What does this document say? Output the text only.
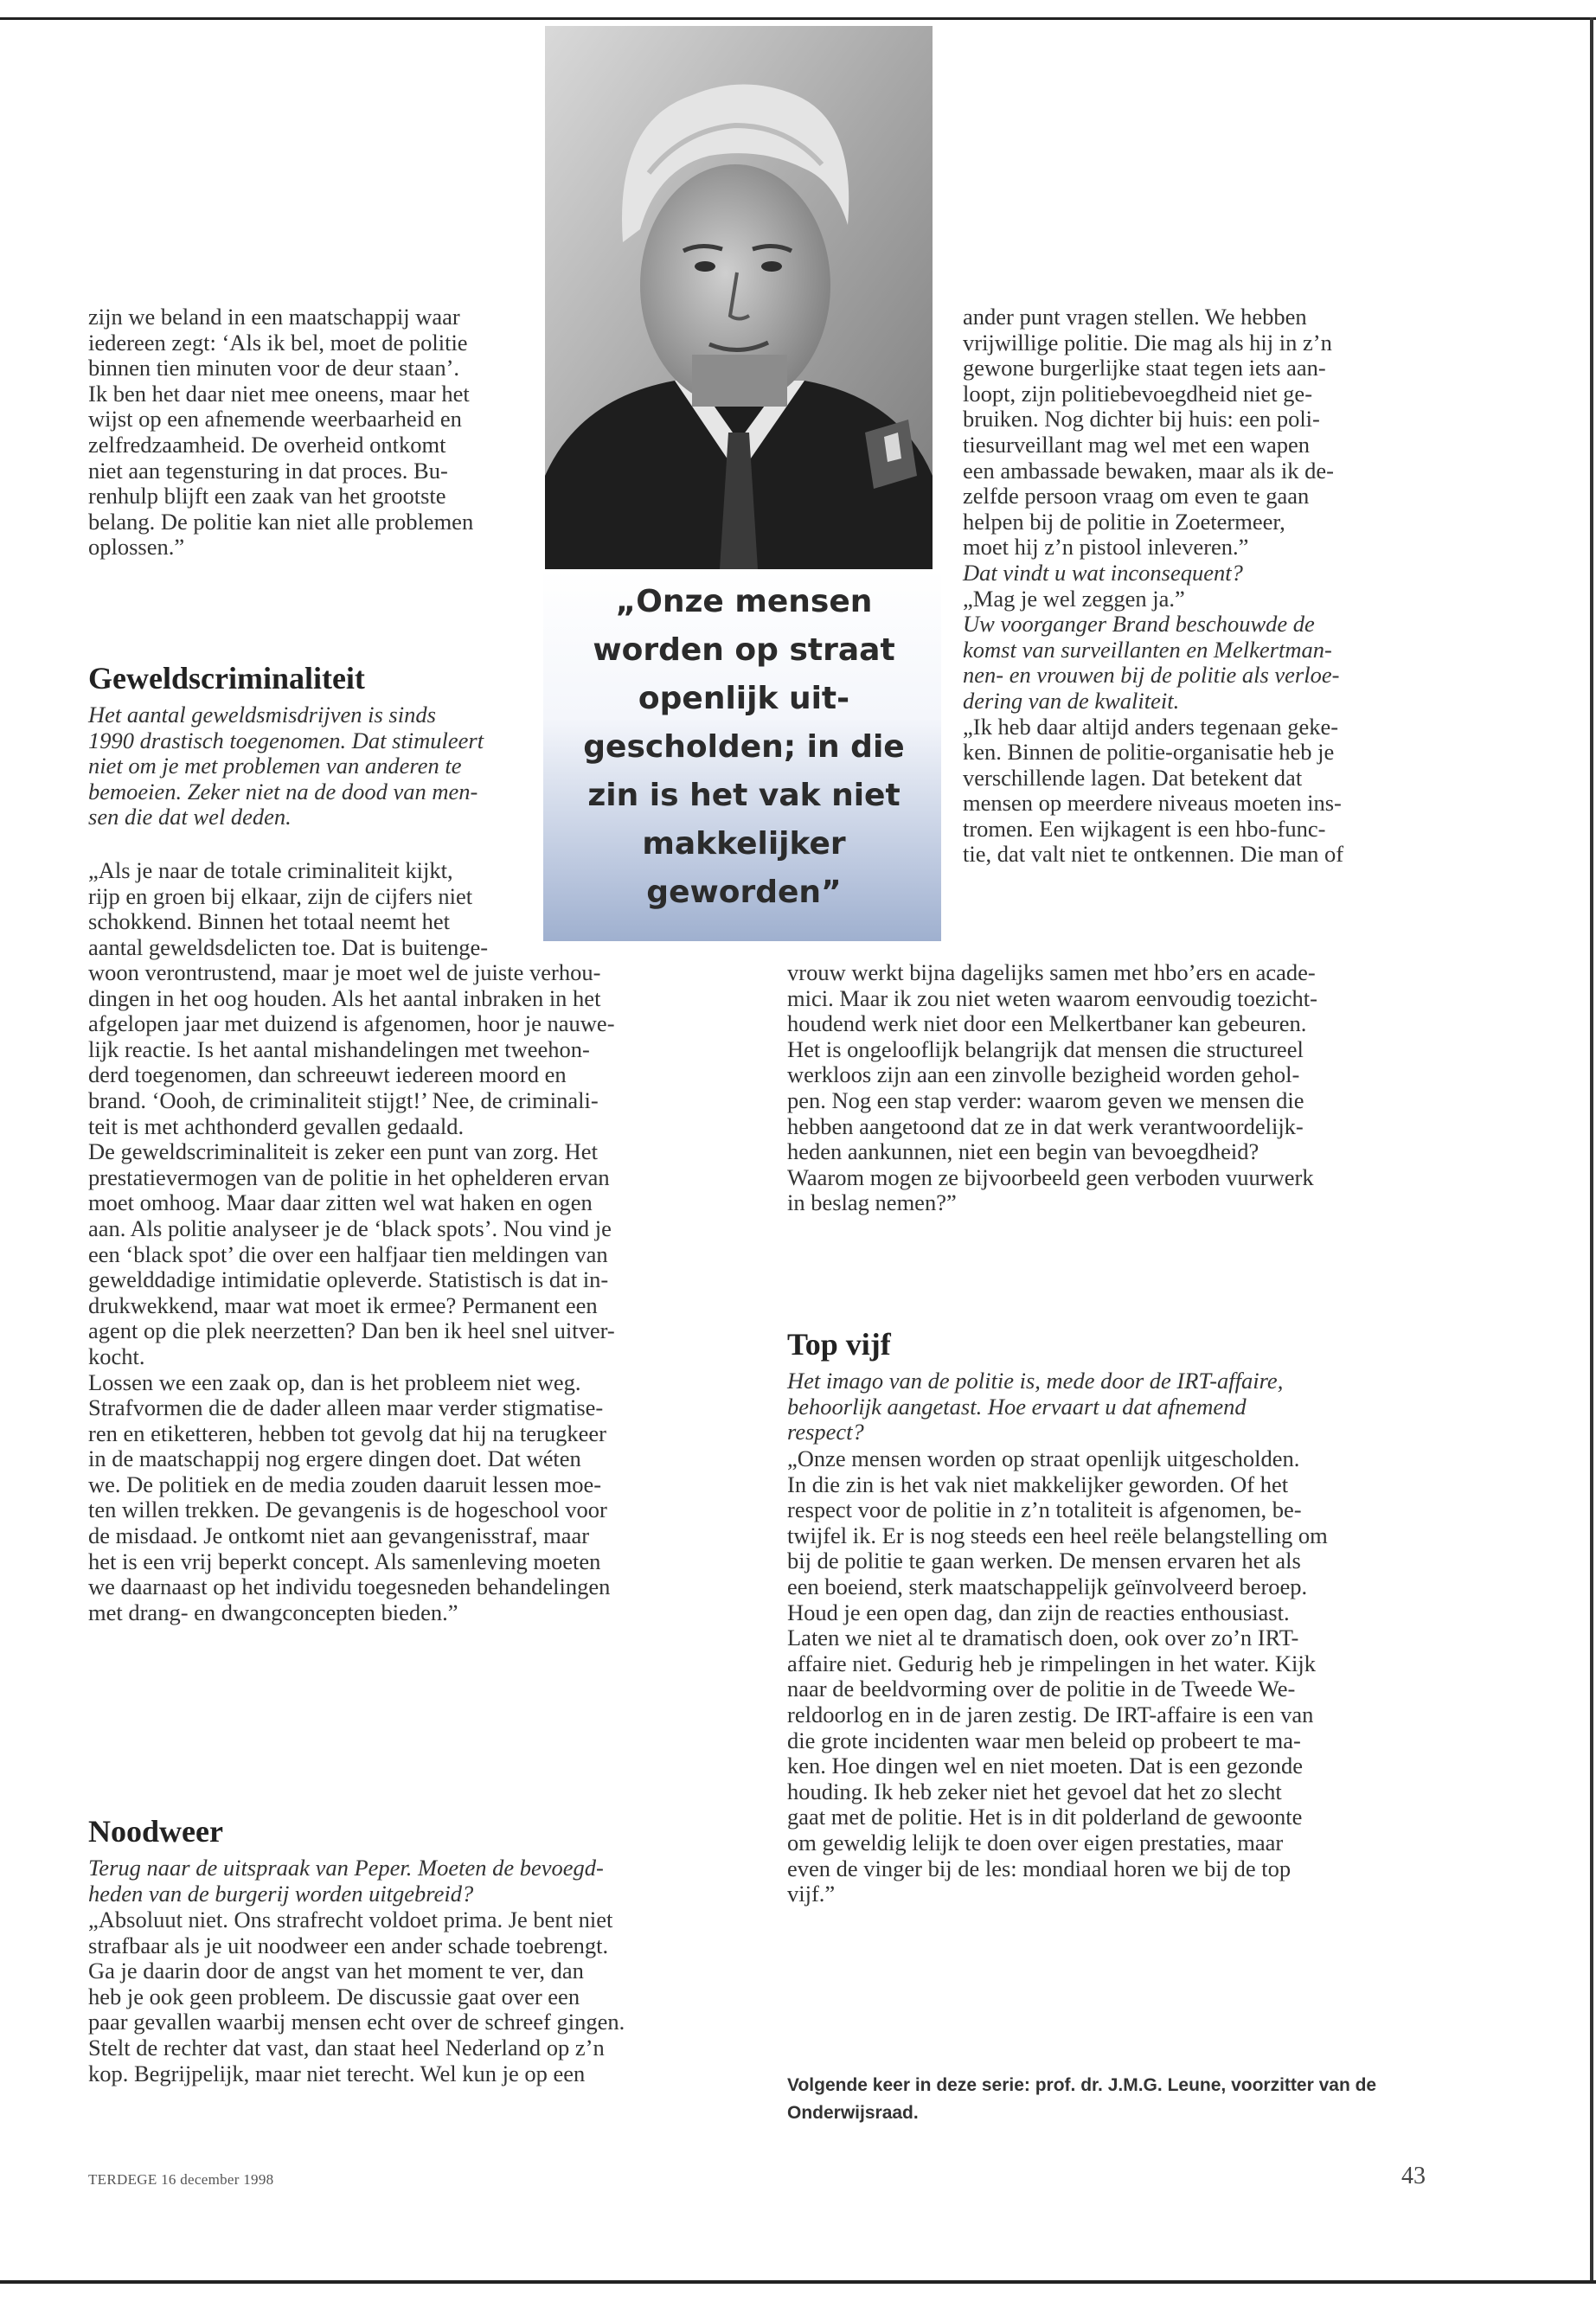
„Onze mensen worden op straat openlijk uit-gescholden; in die zin is het vak niet makkelijker geworden”

zijn we beland in een maatschappij waar
iedereen zegt: ‘Als ik bel, moet de politie
binnen tien minuten voor de deur staan’.
Ik ben het daar niet mee oneens, maar het
wijst op een afnemende weerbaarheid en
zelfredzaamheid. De overheid ontkomt
niet aan tegensturing in dat proces. Bu-
renhulp blijft een zaak van het grootste
belang. De politie kan niet alle problemen
oplossen.”
Geweldscriminaliteit
Het aantal geweldsmisdrijven is sinds
1990 drastisch toegenomen. Dat stimuleert
niet om je met problemen van anderen te
bemoeien. Zeker niet na de dood van men-
sen die dat wel deden.
„Als je naar de totale criminaliteit kijkt,
rijp en groen bij elkaar, zijn de cijfers niet
schokkend. Binnen het totaal neemt het
aantal geweldsdelicten toe. Dat is buitenge-
woon verontrustend, maar je moet wel de juiste verhou-
dingen in het oog houden. Als het aantal inbraken in het
afgelopen jaar met duizend is afgenomen, hoor je nauwe-
lijk reactie. Is het aantal mishandelingen met tweehon-
derd toegenomen, dan schreeuwt iedereen moord en
brand. ‘Oooh, de criminaliteit stijgt!’ Nee, de criminali-
teit is met achthonderd gevallen gedaald.
De geweldscriminaliteit is zeker een punt van zorg. Het
prestatievermogen van de politie in het ophelderen ervan
moet omhoog. Maar daar zitten wel wat haken en ogen
aan. Als politie analyseer je de ‘black spots’. Nou vind je
een ‘black spot’ die over een halfjaar tien meldingen van
gewelddadige intimidatie opleverde. Statistisch is dat in-
drukwekkend, maar wat moet ik ermee? Permanent een
agent op die plek neerzetten? Dan ben ik heel snel uitver-
kocht.
Lossen we een zaak op, dan is het probleem niet weg.
Strafvormen die de dader alleen maar verder stigmatise-
ren en etiketteren, hebben tot gevolg dat hij na terugkeer
in de maatschappij nog ergere dingen doet. Dat wéten
we. De politiek en de media zouden daaruit lessen moe-
ten willen trekken. De gevangenis is de hogeschool voor
de misdaad. Je ontkomt niet aan gevangenisstraf, maar
het is een vrij beperkt concept. Als samenleving moeten
we daarnaast op het individu toegesneden behandelingen
met drang- en dwangconcepten bieden.”
Noodweer
Terug naar de uitspraak van Peper. Moeten de bevoegd-
heden van de burgerij worden uitgebreid?
„Absoluut niet. Ons strafrecht voldoet prima. Je bent niet
strafbaar als je uit noodweer een ander schade toebrengt.
Ga je daarin door de angst van het moment te ver, dan
heb je ook geen probleem. De discussie gaat over een
paar gevallen waarbij mensen echt over de schreef gingen.
Stelt de rechter dat vast, dan staat heel Nederland op z’n
kop. Begrijpelijk, maar niet terecht. Wel kun je op een
ander punt vragen stellen. We hebben
vrijwillige politie. Die mag als hij in z’n
gewone burgerlijke staat tegen iets aan-
loopt, zijn politiebevoegdheid niet ge-
bruiken. Nog dichter bij huis: een poli-
tiesurveillant mag wel met een wapen
een ambassade bewaken, maar als ik de-
zelfde persoon vraag om even te gaan
helpen bij de politie in Zoetermeer,
moet hij z’n pistool inleveren.”
Dat vindt u wat inconsequent?
„Mag je wel zeggen ja.”
Uw voorganger Brand beschouwde de
komst van surveillanten en Melkertman-
nen- en vrouwen bij de politie als verloe-
dering van de kwaliteit.
„Ik heb daar altijd anders tegenaan geke-
ken. Binnen de politie-organisatie heb je
verschillende lagen. Dat betekent dat
mensen op meerdere niveaus moeten ins-
tromen. Een wijkagent is een hbo-func-
tie, dat valt niet te ontkennen. Die man of
vrouw werkt bijna dagelijks samen met hbo’ers en acade-
mici. Maar ik zou niet weten waarom eenvoudig toezicht-
houdend werk niet door een Melkertbaner kan gebeuren.
Het is ongelooflijk belangrijk dat mensen die structureel
werkloos zijn aan een zinvolle bezigheid worden gehol-
pen. Nog een stap verder: waarom geven we mensen die
hebben aangetoond dat ze in dat werk verantwoordelijk-
heden aankunnen, niet een begin van bevoegdheid?
Waarom mogen ze bijvoorbeeld geen verboden vuurwerk
in beslag nemen?”
Top vijf
Het imago van de politie is, mede door de IRT-affaire,
behoorlijk aangetast. Hoe ervaart u dat afnemend
respect?
„Onze mensen worden op straat openlijk uitgescholden.
In die zin is het vak niet makkelijker geworden. Of het
respect voor de politie in z’n totaliteit is afgenomen, be-
twijfel ik. Er is nog steeds een heel reële belangstelling om
bij de politie te gaan werken. De mensen ervaren het als
een boeiend, sterk maatschappelijk geïnvolveerd beroep.
Houd je een open dag, dan zijn de reacties enthousiast.
Laten we niet al te dramatisch doen, ook over zo’n IRT-
affaire niet. Gedurig heb je rimpelingen in het water. Kijk
naar de beeldvorming over de politie in de Tweede We-
reldoorlog en in de jaren zestig. De IRT-affaire is een van
die grote incidenten waar men beleid op probeert te ma-
ken. Hoe dingen wel en niet moeten. Dat is een gezonde
houding. Ik heb zeker niet het gevoel dat het zo slecht
gaat met de politie. Het is in dit polderland de gewoonte
om geweldig lelijk te doen over eigen prestaties, maar
even de vinger bij de les: mondiaal horen we bij de top
vijf.”
Volgende keer in deze serie: prof. dr. J.M.G. Leune, voorzitter van de
Onderwijsraad.
TERDEGE 16 december 1998	43
